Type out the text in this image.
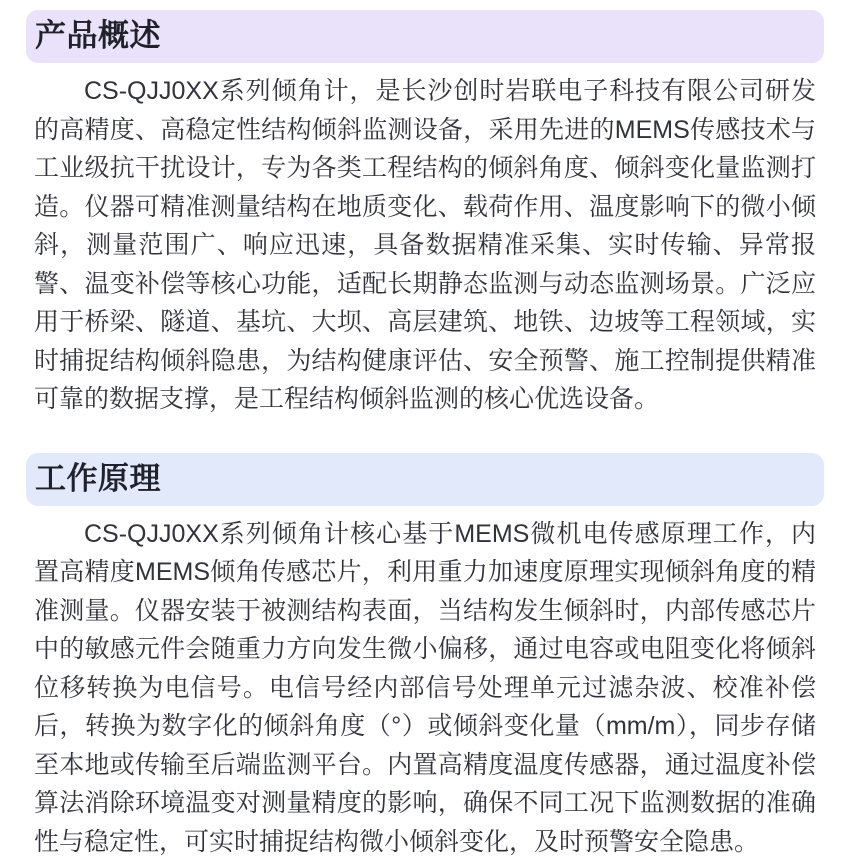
产品概述

CS-QJJ0XX系列倾角计，是长沙创时岩联电子科技有限公司研发的高精度、高稳定性结构倾斜监测设备，采用先进的MEMS传感技术与工业级抗干扰设计，专为各类工程结构的倾斜角度、倾斜变化量监测打造。仪器可精准测量结构在地质变化、载荷作用、温度影响下的微小倾斜，测量范围广、响应迅速，具备数据精准采集、实时传输、异常报警、温变补偿等核心功能，适配长期静态监测与动态监测场景。广泛应用于桥梁、隧道、基坑、大坝、高层建筑、地铁、边坡等工程领域，实时捕捉结构倾斜隐患，为结构健康评估、安全预警、施工控制提供精准可靠的数据支撑，是工程结构倾斜监测的核心优选设备。

工作原理

CS-QJJ0XX系列倾角计核心基于MEMS微机电传感原理工作，内置高精度MEMS倾角传感芯片，利用重力加速度原理实现倾斜角度的精准测量。仪器安装于被测结构表面，当结构发生倾斜时，内部传感芯片中的敏感元件会随重力方向发生微小偏移，通过电容或电阻变化将倾斜位移转换为电信号。电信号经内部信号处理单元过滤杂波、校准补偿后，转换为数字化的倾斜角度（°）或倾斜变化量（mm/m），同步存储至本地或传输至后端监测平台。内置高精度温度传感器，通过温度补偿算法消除环境温变对测量精度的影响，确保不同工况下监测数据的准确性与稳定性，可实时捕捉结构微小倾斜变化，及时预警安全隐患。
